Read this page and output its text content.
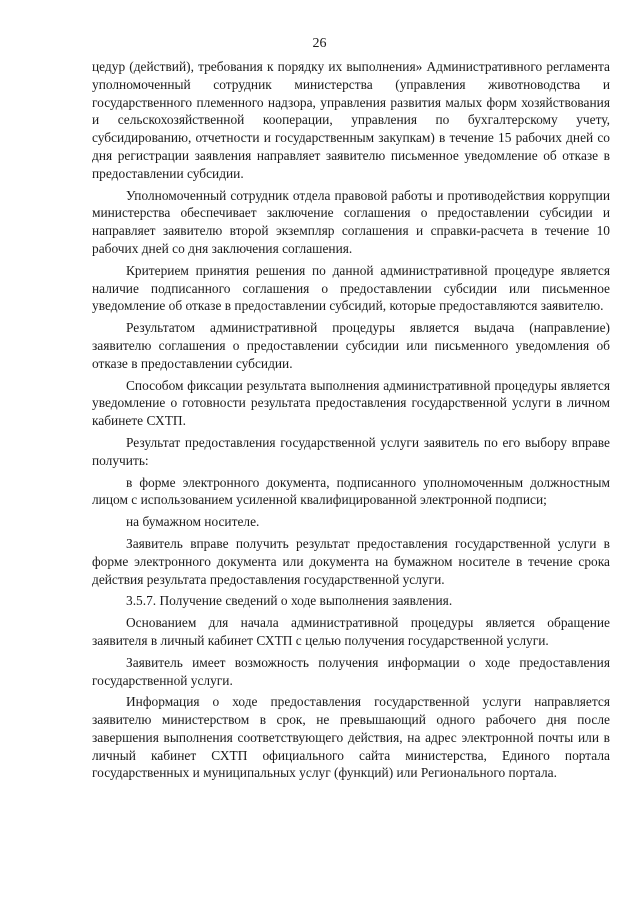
26

цедур (действий), требования к порядку их выполнения» Административного регламента уполномоченный сотрудник министерства (управления животноводства и государственного племенного надзора, управления развития малых форм хозяйствования и сельскохозяйственной кооперации, управления по бухгалтерскому учету, субсидированию, отчетности и государственным закупкам) в течение 15 рабочих дней со дня регистрации заявления направляет заявителю письменное уведомление об отказе в предоставлении субсидии.

Уполномоченный сотрудник отдела правовой работы и противодействия коррупции министерства обеспечивает заключение соглашения о предоставлении субсидии и направляет заявителю второй экземпляр соглашения и справки-расчета в течение 10 рабочих дней со дня заключения соглашения.

Критерием принятия решения по данной административной процедуре является наличие подписанного соглашения о предоставлении субсидии или письменное уведомление об отказе в предоставлении субсидий, которые предоставляются заявителю.

Результатом административной процедуры является выдача (направление) заявителю соглашения о предоставлении субсидии или письменного уведомления об отказе в предоставлении субсидии.

Способом фиксации результата выполнения административной процедуры является уведомление о готовности результата предоставления государственной услуги в личном кабинете СХТП.

Результат предоставления государственной услуги заявитель по его выбору вправе получить:

в форме электронного документа, подписанного уполномоченным должностным лицом с использованием усиленной квалифицированной электронной подписи;

на бумажном носителе.

Заявитель вправе получить результат предоставления государственной услуги в форме электронного документа или документа на бумажном носителе в течение срока действия результата предоставления государственной услуги.

3.5.7. Получение сведений о ходе выполнения заявления.

Основанием для начала административной процедуры является обращение заявителя в личный кабинет СХТП с целью получения государственной услуги.

Заявитель имеет возможность получения информации о ходе предоставления государственной услуги.

Информация о ходе предоставления государственной услуги направляется заявителю министерством в срок, не превышающий одного рабочего дня после завершения выполнения соответствующего действия, на адрес электронной почты или в личный кабинет СХТП официального сайта министерства, Единого портала государственных и муниципальных услуг (функций) или Регионального портала.
